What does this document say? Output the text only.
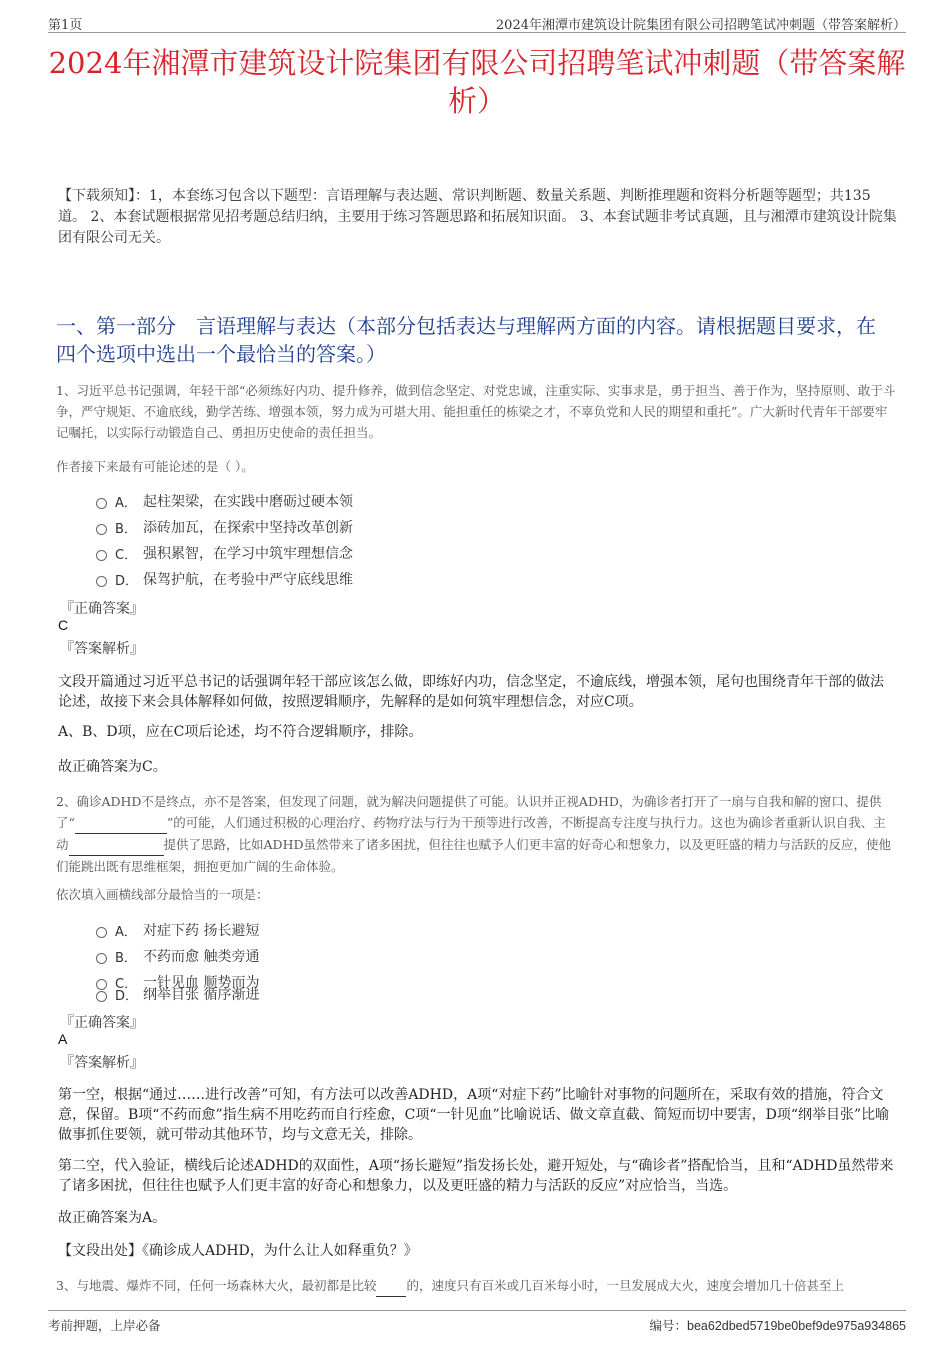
第1页	2024年湘潭市建筑设计院集团有限公司招聘笔试冲刺题（带答案解析）
2024年湘潭市建筑设计院集团有限公司招聘笔试冲刺题（带答案解析）
【下载须知】：1，本套练习包含以下题型：言语理解与表达题、常识判断题、数量关系题、判断推理题和资料分析题等题型；共135道。 2、本套试题根据常见招考题总结归纳，主要用于练习答题思路和拓展知识面。 3、本套试题非考试真题，且与湘潭市建筑设计院集团有限公司无关。
一、第一部分　言语理解与表达（本部分包括表达与理解两方面的内容。请根据题目要求，在四个选项中选出一个最恰当的答案。）
1、习近平总书记强调，年轻干部“必须练好内功、提升修养，做到信念坚定、对党忠诚，注重实际、实事求是，勇于担当、善于作为，坚持原则、敢于斗争，严守规矩、不逾底线，勤学苦练、增强本领，努力成为可堪大用、能担重任的栋梁之才，不辜负党和人民的期望和重托”。广大新时代青年干部要牢记嘱托，以实际行动锻造自己、勇担历史使命的责任担当。
作者接下来最有可能论述的是（ ）。
A． 起柱架梁，在实践中磨砺过硬本领
B． 添砖加瓦，在探索中坚持改革创新
C． 强积累智，在学习中筑牢理想信念
D． 保驾护航，在考验中严守底线思维
『正确答案』
C
『答案解析』
文段开篇通过习近平总书记的话强调年轻干部应该怎么做，即练好内功，信念坚定，不逾底线，增强本领，尾句也围绕青年干部的做法论述，故接下来会具体解释如何做，按照逻辑顺序，先解释的是如何筑牢理想信念，对应C项。
A、B、D项，应在C项后论述，均不符合逻辑顺序，排除。
故正确答案为C。
2、确诊ADHD不是终点，亦不是答案，但发现了问题，就为解决问题提供了可能。认识并正视ADHD，为确诊者打开了一扇与自我和解的窗口、提供了“	”的可能，人们通过积极的心理治疗、药物疗法与行为干预等进行改善，不断提高专注度与执行力。这也为确诊者重新认识自我、主动	提供了思路，比如ADHD虽然带来了诸多困扰，但往往也赋予人们更丰富的好奇心和想象力，以及更旺盛的精力与活跃的反应，使他们能跳出既有思维框架，拥抱更加广阔的生命体验。
依次填入画横线部分最恰当的一项是：
A． 对症下药 扬长避短
B． 不药而愈 触类旁通
C． 一针见血 顺势而为
D． 纲举目张 循序渐进
『正确答案』
A
『答案解析』
第一空，根据“通过……进行改善”可知，有方法可以改善ADHD，A项“对症下药”比喻针对事物的问题所在，采取有效的措施，符合文意，保留。B项“不药而愈”指生病不用吃药而自行痊愈，C项“一针见血”比喻说话、做文章直截、简短而切中要害，D项“纲举目张”比喻做事抓住要领，就可带动其他环节，均与文意无关，排除。
第二空，代入验证，横线后论述ADHD的双面性，A项“扬长避短”指发扬长处，避开短处，与“确诊者”搭配恰当，且和“ADHD虽然带来了诸多困扰，但往往也赋予人们更丰富的好奇心和想象力，以及更旺盛的精力与活跃的反应”对应恰当，当选。
故正确答案为A。
【文段出处】《确诊成人ADHD，为什么让人如释重负？》
3、与地震、爆炸不同，任何一场森林大火，最初都是比较 的，速度只有百米或几百米每小时，一旦发展成大火，速度会增加几十倍甚至上
考前押题，上岸必备	编号：bea62dbed5719be0bef9de975a934865
